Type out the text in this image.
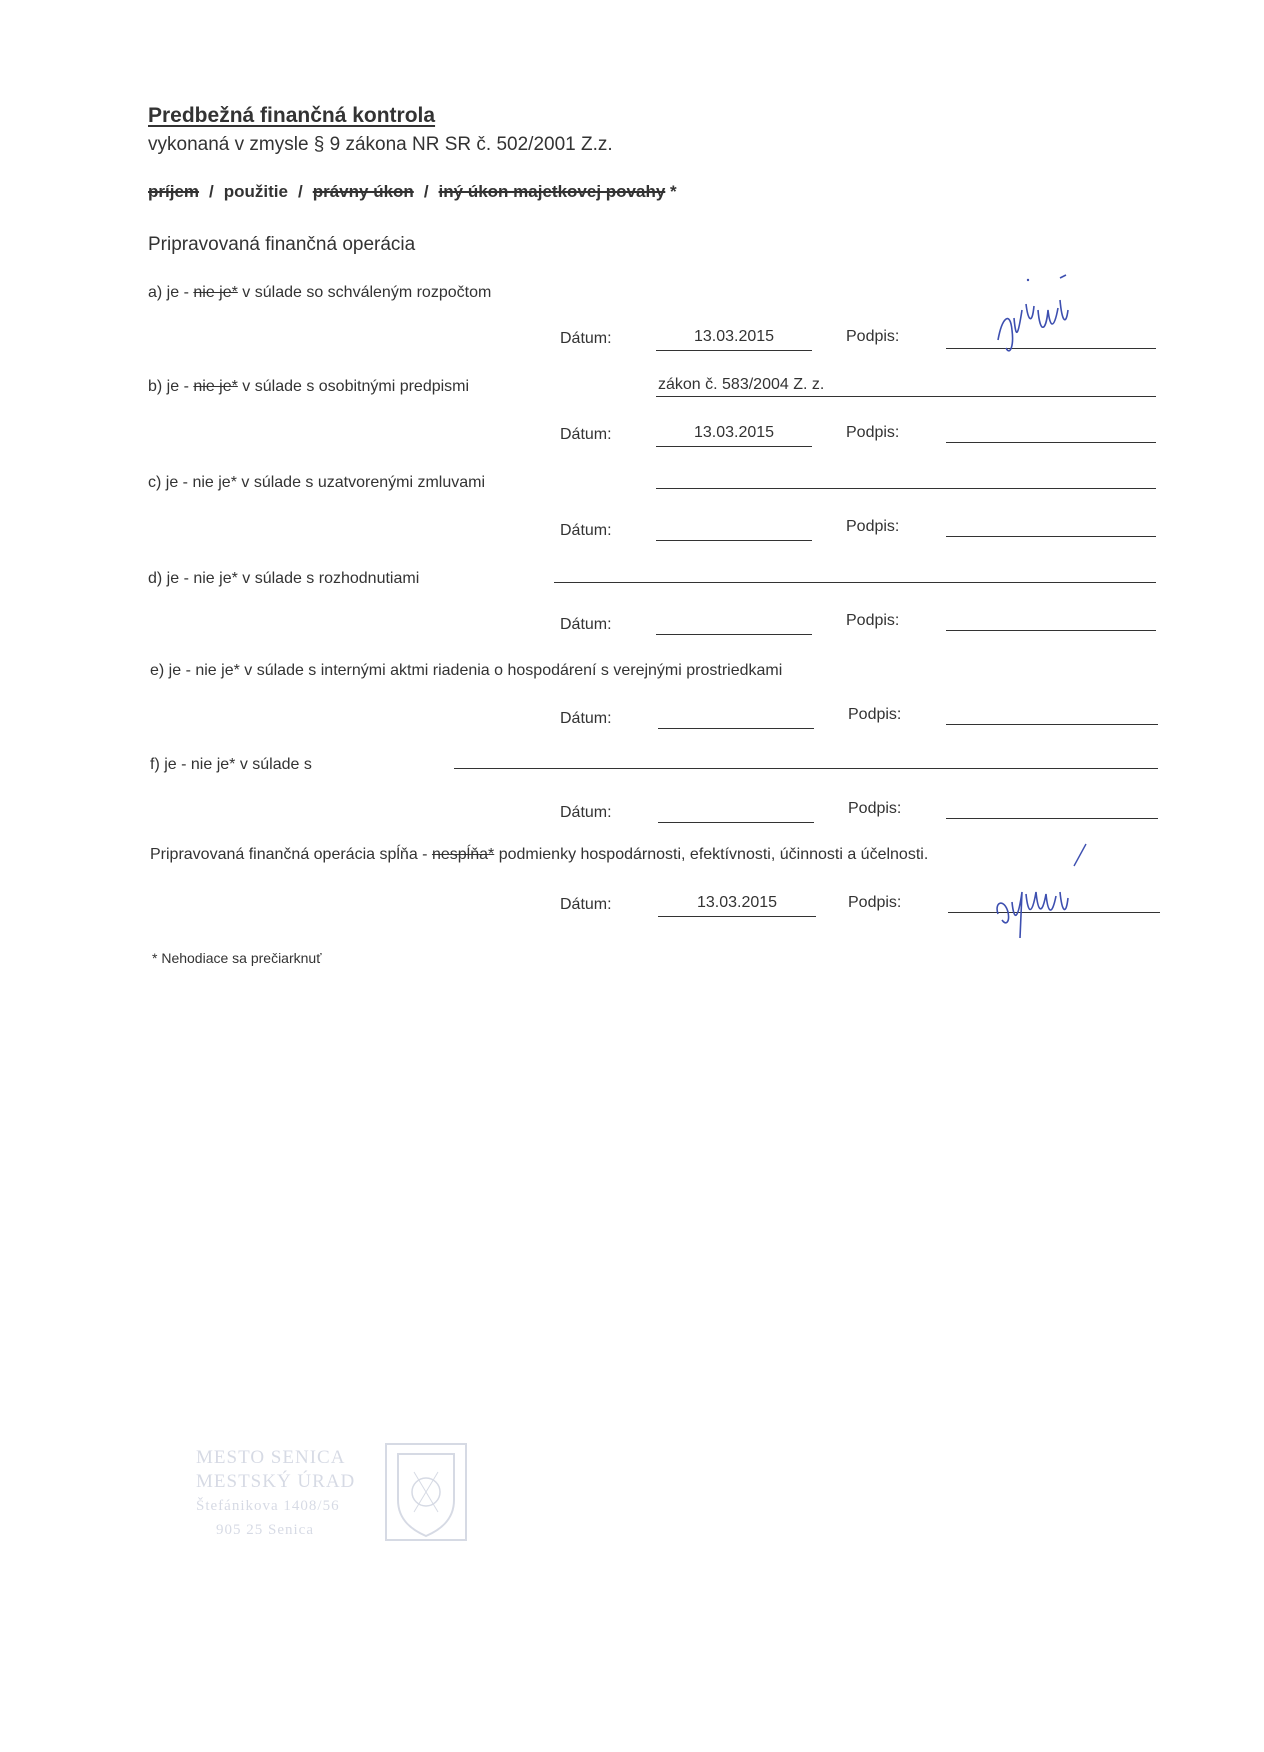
Predbežná finančná kontrola
vykonaná v zmysle § 9 zákona NR SR č. 502/2001 Z.z.
príjem / použitie / právny úkon / iný úkon majetkovej povahy *
Pripravovaná finančná operácia
a) je - nie je* v súlade so schváleným rozpočtom
Dátum:	13.03.2015	Podpis:
b) je - nie je* v súlade s osobitnými predpismi	zákon č. 583/2004 Z. z.
Dátum:	13.03.2015	Podpis:
c) je - nie je* v súlade s uzatvorenými zmluvami
Dátum:	Podpis:
d) je - nie je* v súlade s rozhodnutiami
Dátum:	Podpis:
e) je - nie je* v súlade s internými aktmi riadenia o hospodárení s verejnými prostriedkami
Dátum:	Podpis:
f) je - nie je* v súlade s
Dátum:	Podpis:
Pripravovaná finančná operácia spĺňa - nespĺňa* podmienky hospodárnosti, efektívnosti, účinnosti a účelnosti.
Dátum:	13.03.2015	Podpis:
* Nehodiace sa prečiarknuť
MESTO SENICA
MESTSKÝ ÚRAD
Štefánikova 1408/56
905 25 Senica
